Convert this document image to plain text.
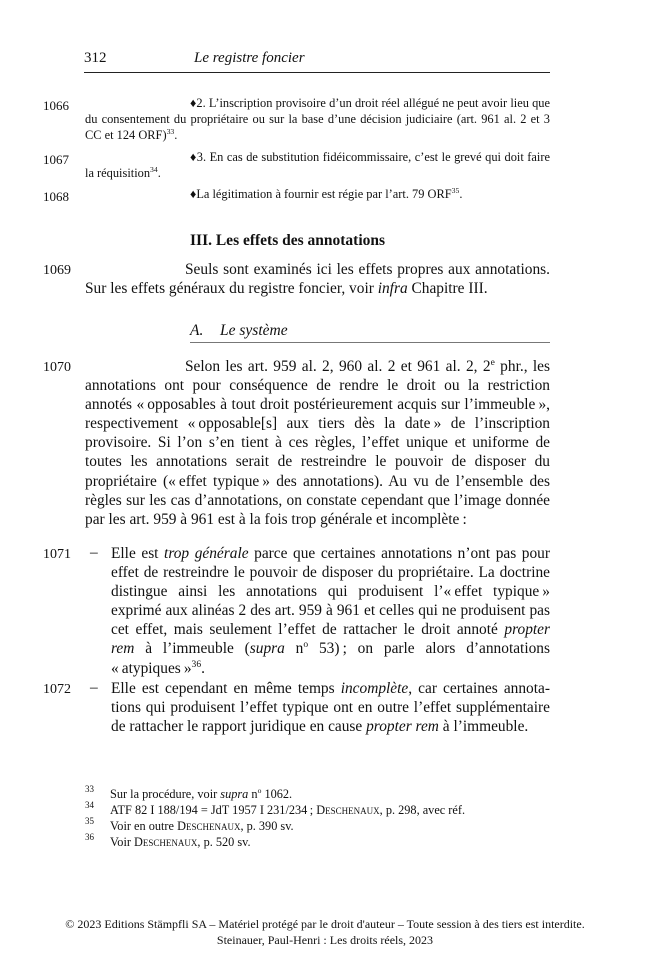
312	Le registre foncier
1066	♦2. L’inscription provisoire d’un droit réel allégué ne peut avoir lieu que du consentement du propriétaire ou sur la base d’une décision judiciaire (art. 961 al. 2 et 3 CC et 124 ORF)$^{33}$.
1067	♦3. En cas de substitution fidéicommissaire, c’est le grevé qui doit faire la réquisition$^{34}$.
1068	♦La légitimation à fournir est régie par l’art. 79 ORF$^{35}$.
III. Les effets des annotations
1069	Seuls sont examinés ici les effets propres aux annotations. Sur les effets généraux du registre foncier, voir infra Chapitre III.
A. Le système
1070	Selon les art. 959 al. 2, 960 al. 2 et 961 al. 2, 2e phr., les annotations ont pour conséquence de rendre le droit ou la restriction annotés « opposables à tout droit postérieurement acquis sur l’immeuble », respectivement « opposable[s] aux tiers dès la date » de l’inscription provisoire. Si l’on s’en tient à ces règles, l’effet unique et uniforme de toutes les annotations serait de restreindre le pouvoir de disposer du propriétaire (« effet typique » des annotations). Au vu de l’ensemble des règles sur les cas d’annotations, on constate cependant que l’image donnée par les art. 959 à 961 est à la fois trop générale et incomplète :
1071 – Elle est trop générale parce que certaines annotations n’ont pas pour effet de restreindre le pouvoir de disposer du propriétaire. La doctrine distingue ainsi les annotations qui produisent l’« effet typique » exprimé aux alinéas 2 des art. 959 à 961 et celles qui ne produisent pas cet effet, mais seulement l’effet de rattacher le droit annoté propter rem à l’immeuble (supra $n^o$ 53) ; on parle alors d’annotations « atypiques »$^{36}$.
1072 – Elle est cependant en même temps incomplète, car certaines annotations qui produisent l’effet typique ont en outre l’effet supplémentaire de rattacher le rapport juridique en cause propter rem à l’immeuble.
33 Sur la procédure, voir supra $n^o$ 1062.
34 ATF 82 I 188/194 = JdT 1957 I 231/234 ; Deschenaux, p. 298, avec réf.
35 Voir en outre Deschenaux, p. 390 sv.
36 Voir Deschenaux, p. 520 sv.
© 2023 Editions Stämpfli SA – Matériel protégé par le droit d'auteur – Toute session à des tiers est interdite.
Steinauer, Paul-Henri : Les droits réels, 2023
